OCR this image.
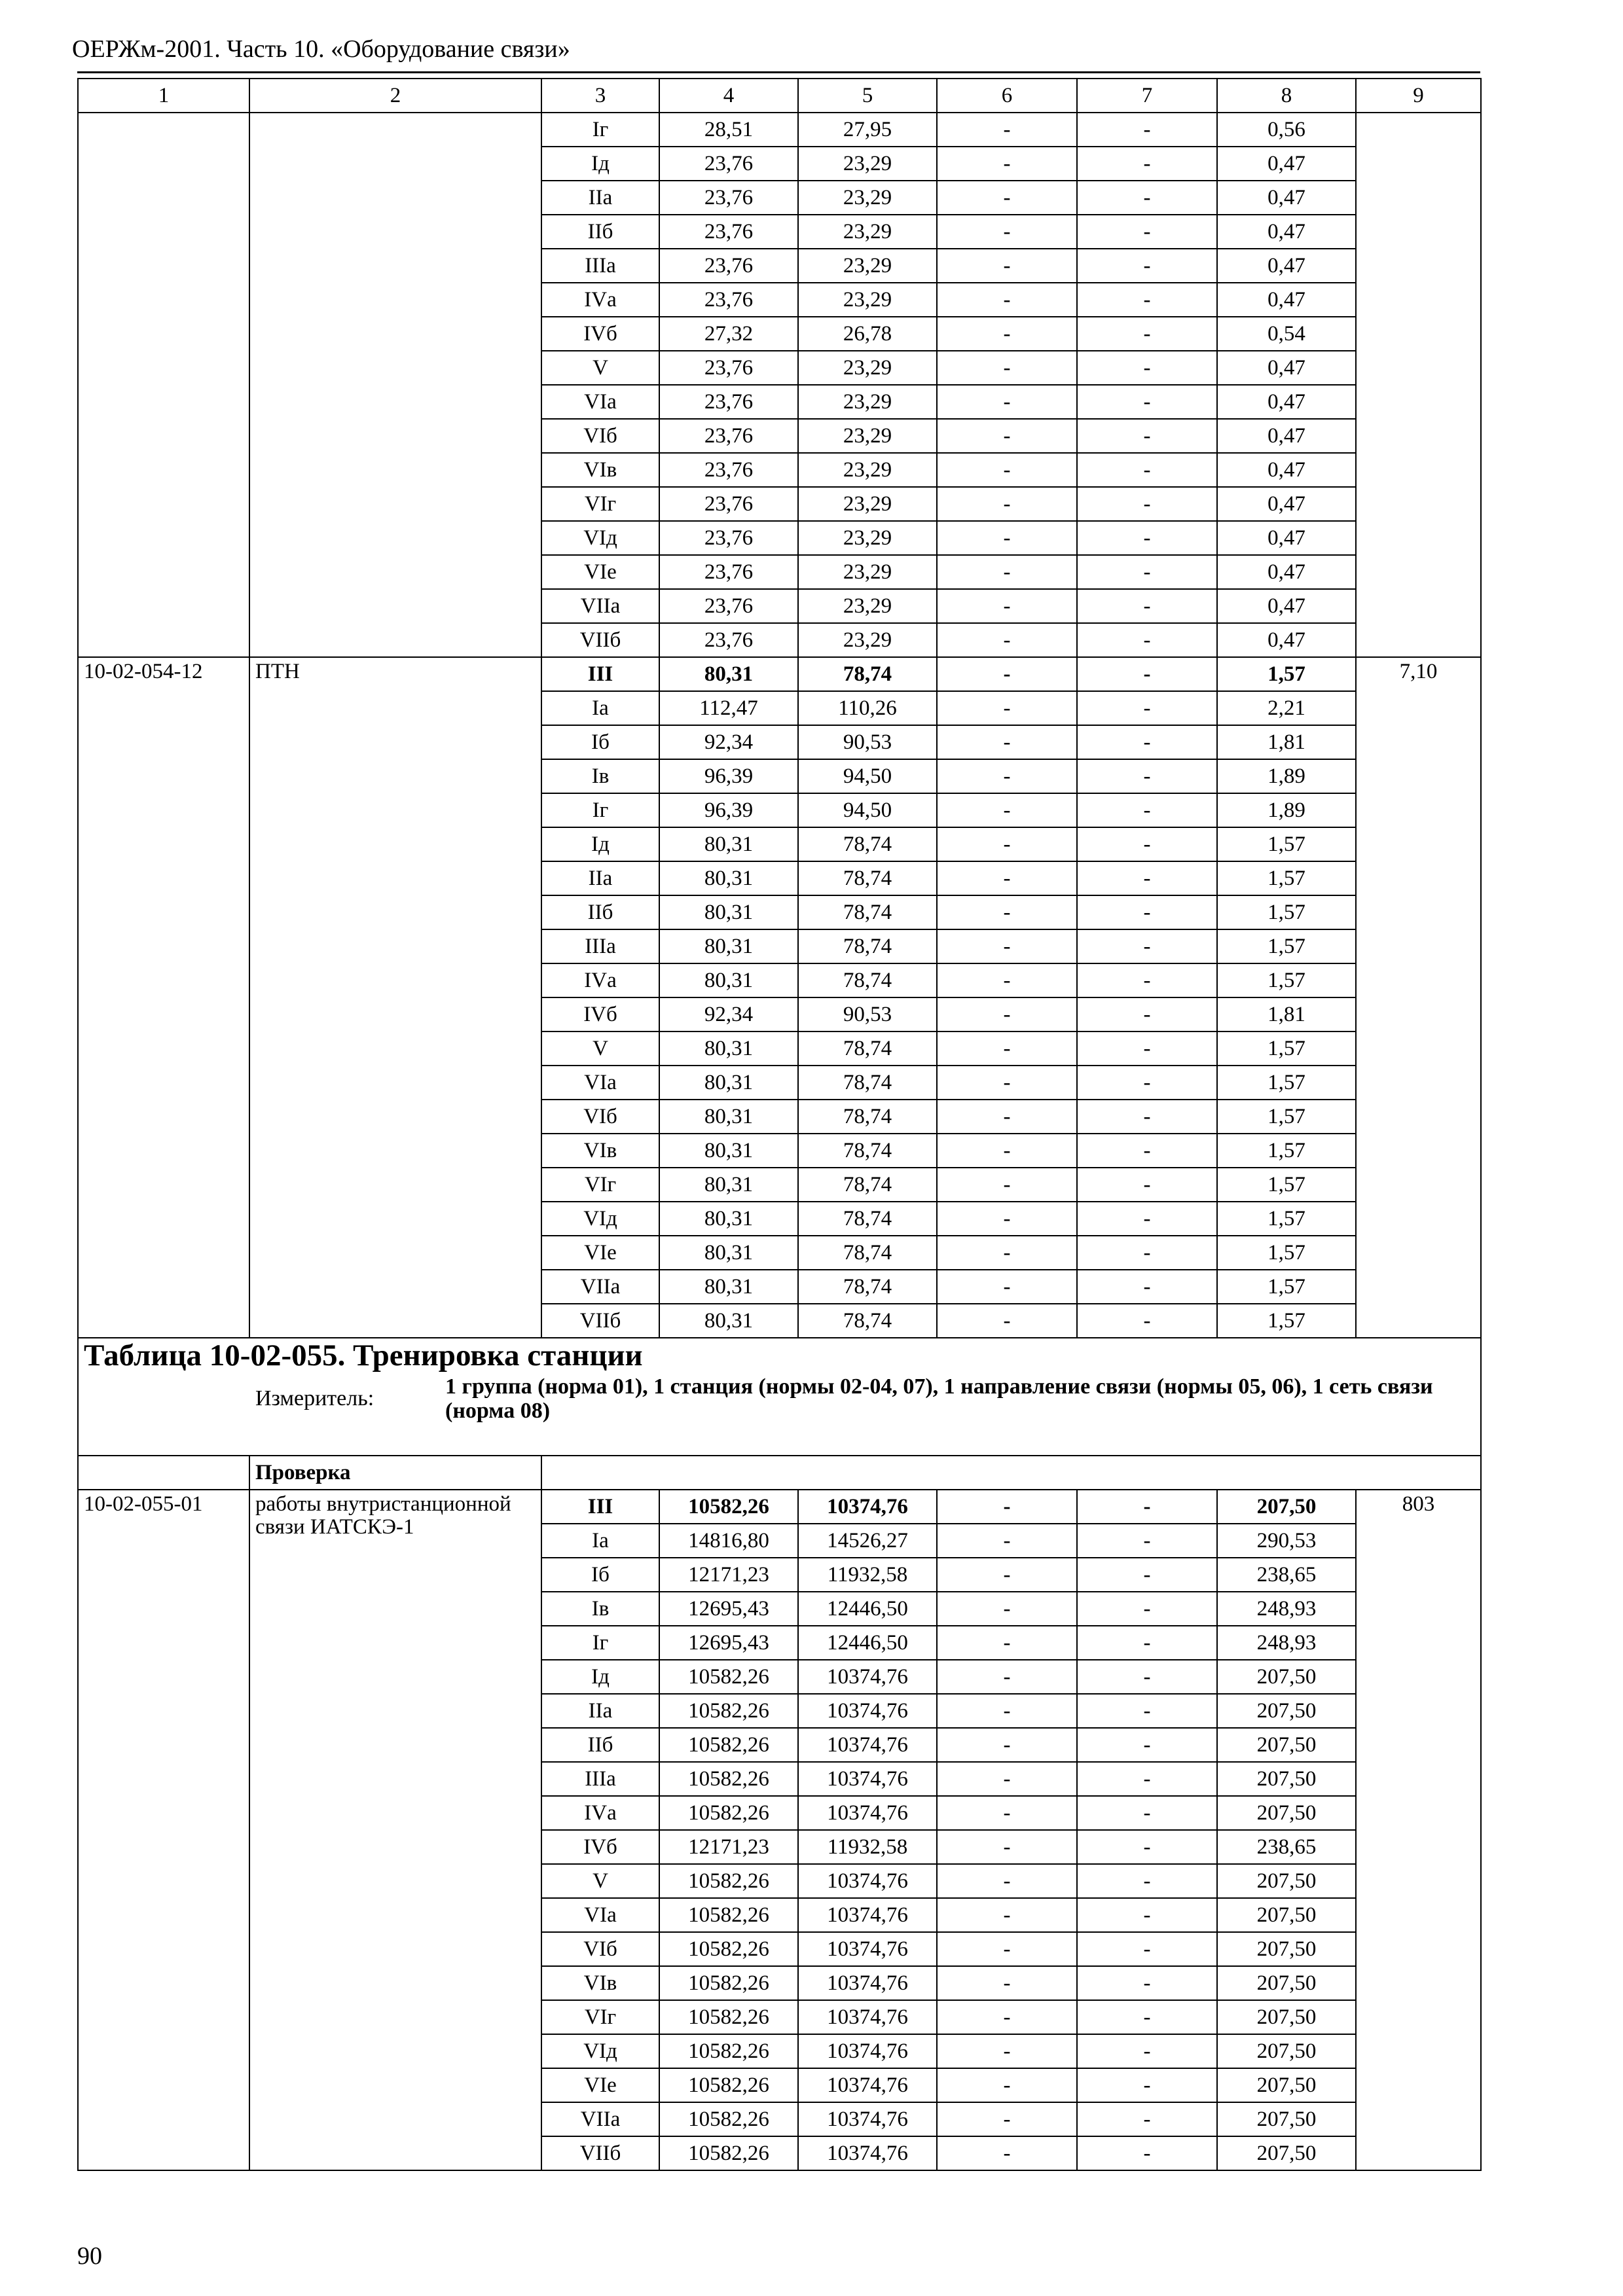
ОЕРЖм-2001. Часть 10. «Оборудование связи»
1	2	3	4	5	6	7	8	9
		Iг	28,51	27,95	-	-	0,56	
		Iд	23,76	23,29	-	-	0,47	
		IIа	23,76	23,29	-	-	0,47	
		IIб	23,76	23,29	-	-	0,47	
		IIIа	23,76	23,29	-	-	0,47	
		IVа	23,76	23,29	-	-	0,47	
		IVб	27,32	26,78	-	-	0,54	
		V	23,76	23,29	-	-	0,47	
		VIа	23,76	23,29	-	-	0,47	
		VIб	23,76	23,29	-	-	0,47	
		VIв	23,76	23,29	-	-	0,47	
		VIг	23,76	23,29	-	-	0,47	
		VIд	23,76	23,29	-	-	0,47	
		VIе	23,76	23,29	-	-	0,47	
		VIIа	23,76	23,29	-	-	0,47	
		VIIб	23,76	23,29	-	-	0,47	
10-02-054-12	ПТН	III	80,31	78,74	-	-	1,57	7,10
		Iа	112,47	110,26	-	-	2,21	
		Iб	92,34	90,53	-	-	1,81	
		Iв	96,39	94,50	-	-	1,89	
		Iг	96,39	94,50	-	-	1,89	
		Iд	80,31	78,74	-	-	1,57	
		IIа	80,31	78,74	-	-	1,57	
		IIб	80,31	78,74	-	-	1,57	
		IIIа	80,31	78,74	-	-	1,57	
		IVа	80,31	78,74	-	-	1,57	
		IVб	92,34	90,53	-	-	1,81	
		V	80,31	78,74	-	-	1,57	
		VIа	80,31	78,74	-	-	1,57	
		VIб	80,31	78,74	-	-	1,57	
		VIв	80,31	78,74	-	-	1,57	
		VIг	80,31	78,74	-	-	1,57	
		VIд	80,31	78,74	-	-	1,57	
		VIе	80,31	78,74	-	-	1,57	
		VIIа	80,31	78,74	-	-	1,57	
		VIIб	80,31	78,74	-	-	1,57	

Таблица 10-02-055. Тренировка станции								

Измеритель: 1 группа (норма 01), 1 станция (нормы 02-04, 07), 1 направление связи (нормы 05, 06), 1 сеть связи (норма 08)								

	Проверка							
10-02-055-01	работы внутристанционной связи ИАТСКЭ-1	III	10582,26	10374,76	-	-	207,50	803
		Iа	14816,80	14526,27	-	-	290,53	
		Iб	12171,23	11932,58	-	-	238,65	
		Iв	12695,43	12446,50	-	-	248,93	
		Iг	12695,43	12446,50	-	-	248,93	
		Iд	10582,26	10374,76	-	-	207,50	
		IIа	10582,26	10374,76	-	-	207,50	
		IIб	10582,26	10374,76	-	-	207,50	
		IIIа	10582,26	10374,76	-	-	207,50	
		IVа	10582,26	10374,76	-	-	207,50	
		IVб	12171,23	11932,58	-	-	238,65	
		V	10582,26	10374,76	-	-	207,50	
		VIа	10582,26	10374,76	-	-	207,50	
		VIб	10582,26	10374,76	-	-	207,50	
		VIв	10582,26	10374,76	-	-	207,50	
		VIг	10582,26	10374,76	-	-	207,50	
		VIд	10582,26	10374,76	-	-	207,50	
		VIе	10582,26	10374,76	-	-	207,50	
		VIIа	10582,26	10374,76	-	-	207,50	
		VIIб	10582,26	10374,76	-	-	207,50	
90
